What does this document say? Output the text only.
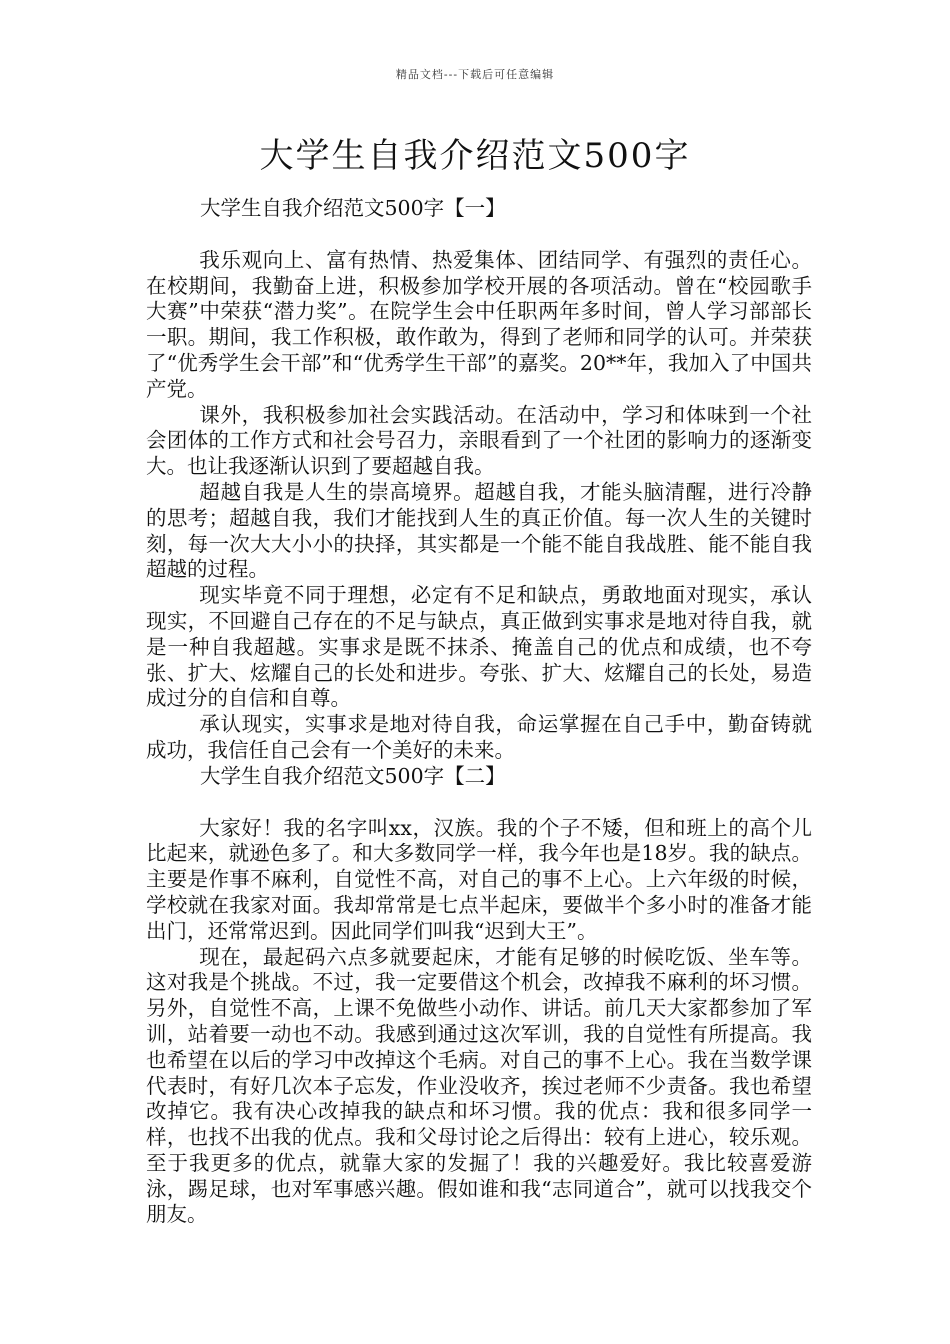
精品文档---下载后可任意编辑
大学生自我介绍范文500字
大学生自我介绍范文500字【一】

我乐观向上、富有热情、热爱集体、团结同学、有强烈的责任心。在校期间，我勤奋上进，积极参加学校开展的各项活动。曾在“校园歌手大赛”中荣获“潜力奖”。在院学生会中任职两年多时间，曾人学习部部长一职。期间，我工作积极，敢作敢为，得到了老师和同学的认可。并荣获了“优秀学生会干部”和“优秀学生干部”的嘉奖。20**年，我加入了中国共产党。

课外，我积极参加社会实践活动。在活动中，学习和体味到一个社会团体的工作方式和社会号召力，亲眼看到了一个社团的影响力的逐渐变大。也让我逐渐认识到了要超越自我。

超越自我是人生的崇高境界。超越自我，才能头脑清醒，进行冷静的思考；超越自我，我们才能找到人生的真正价值。每一次人生的关键时刻，每一次大大小小的抉择，其实都是一个能不能自我战胜、能不能自我超越的过程。

现实毕竟不同于理想，必定有不足和缺点，勇敢地面对现实，承认现实，不回避自己存在的不足与缺点，真正做到实事求是地对待自我，就是一种自我超越。实事求是既不抹杀、掩盖自己的优点和成绩，也不夸张、扩大、炫耀自己的长处和进步。夸张、扩大、炫耀自己的长处，易造成过分的自信和自尊。

承认现实，实事求是地对待自我，命运掌握在自己手中，勤奋铸就成功，我信任自己会有一个美好的未来。

大学生自我介绍范文500字【二】

大家好！我的名字叫xx，汉族。我的个子不矮，但和班上的高个儿比起来，就逊色多了。和大多数同学一样，我今年也是18岁。我的缺点。主要是作事不麻利，自觉性不高，对自己的事不上心。上六年级的时候，学校就在我家对面。我却常常是七点半起床，要做半个多小时的准备才能出门，还常常迟到。因此同学们叫我“迟到大王”。

现在，最起码六点多就要起床，才能有足够的时候吃饭、坐车等。这对我是个挑战。不过，我一定要借这个机会，改掉我不麻利的坏习惯。另外，自觉性不高，上课不免做些小动作、讲话。前几天大家都参加了军训，站着要一动也不动。我感到通过这次军训，我的自觉性有所提高。我也希望在以后的学习中改掉这个毛病。对自己的事不上心。我在当数学课代表时，有好几次本子忘发，作业没收齐，挨过老师不少责备。我也希望改掉它。我有决心改掉我的缺点和坏习惯。我的优点：我和很多同学一样，也找不出我的优点。我和父母讨论之后得出：较有上进心，较乐观。至于我更多的优点，就靠大家的发掘了！我的兴趣爱好。我比较喜爱游泳，踢足球，也对军事感兴趣。假如谁和我“志同道合”，就可以找我交个朋友。
